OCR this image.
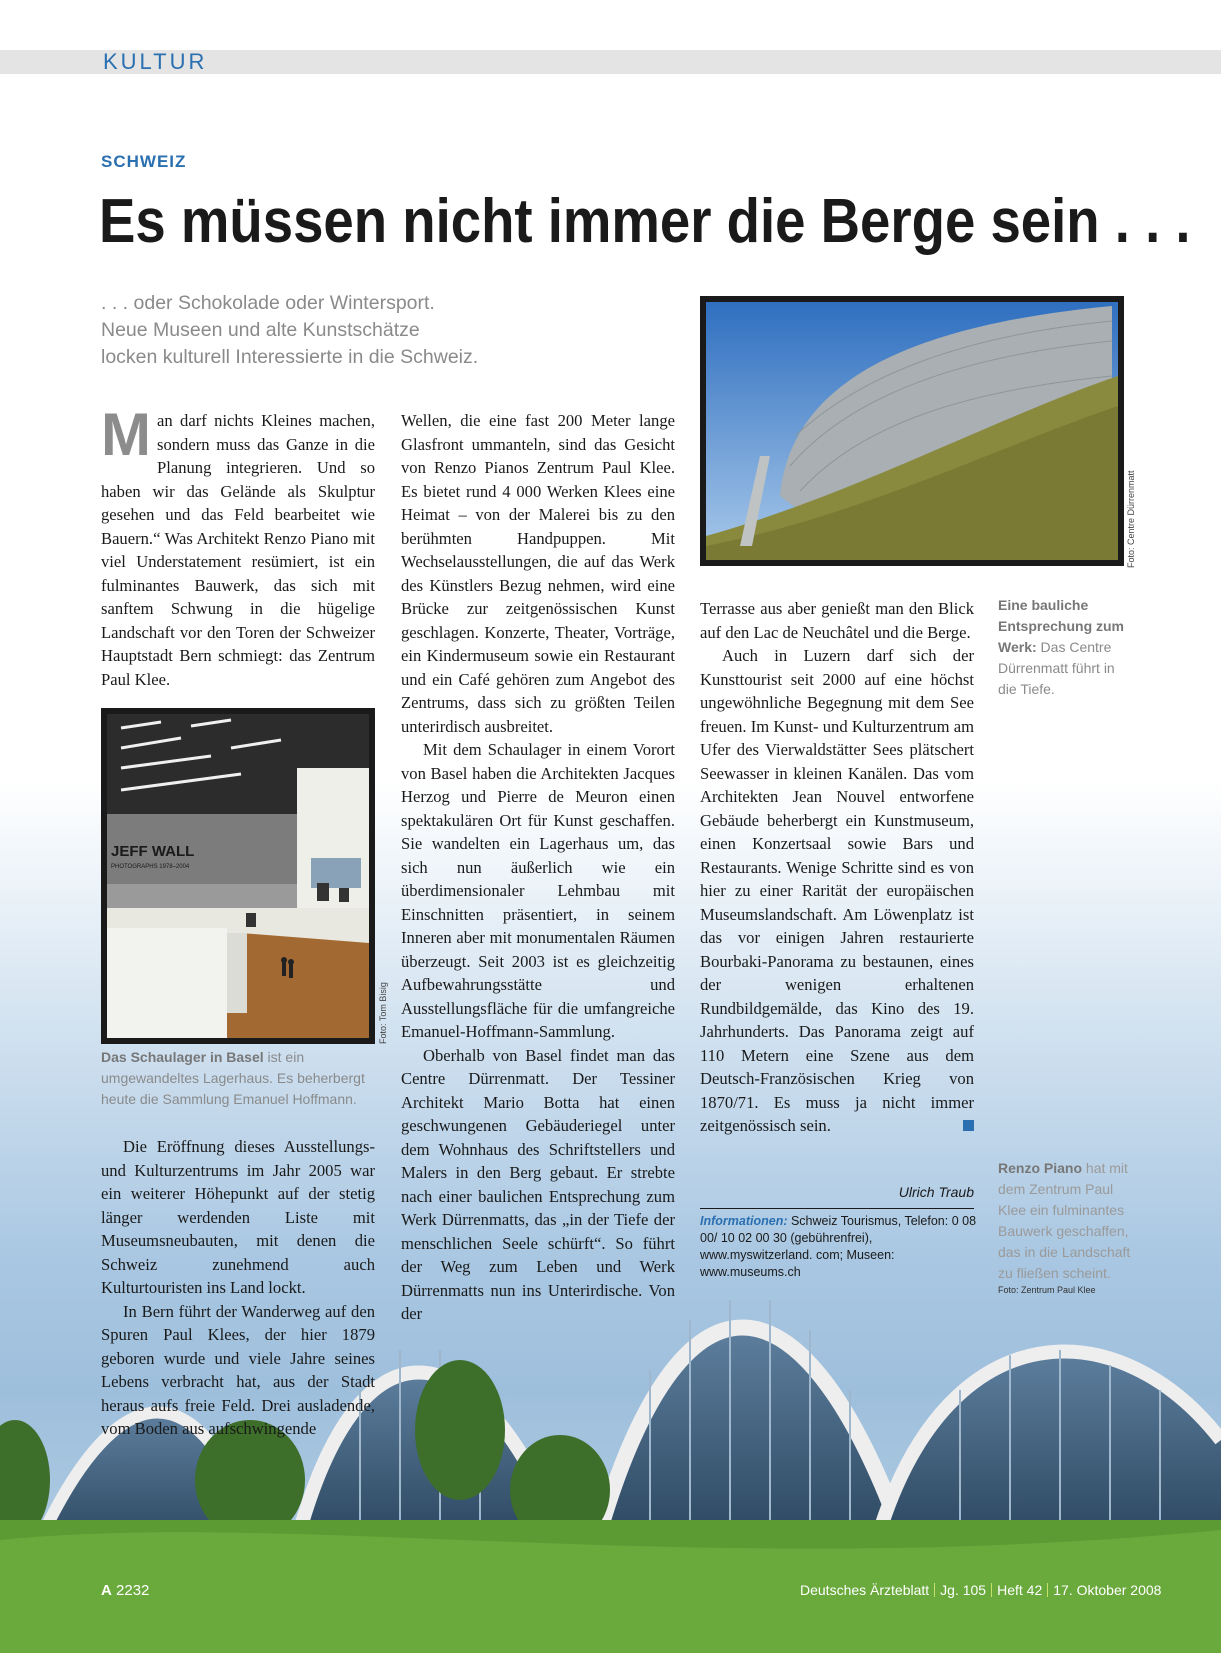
KULTUR
SCHWEIZ
Es müssen nicht immer die Berge sein . . .
. . . oder Schokolade oder Wintersport.
Neue Museen und alte Kunstschätze
locken kulturell Interessierte in die Schweiz.

Man darf nichts Kleines machen, sondern muss das Ganze in die Planung integrieren. Und so haben wir das Gelände als Skulptur gesehen und das Feld bearbeitet wie Bauern.“ Was Architekt Renzo Piano mit viel Understatement resümiert, ist ein fulminantes Bauwerk, das sich mit sanftem Schwung in die hügelige Landschaft vor den Toren der Schweizer Hauptstadt Bern schmiegt: das Zentrum Paul Klee.

JEFF WALL
PHOTOGRAPHS 1978–2004
Foto: Tom Bisig
Das Schaulager in Basel ist ein umgewandeltes Lagerhaus. Es beherbergt heute die Sammlung Emanuel Hoffmann.

Die Eröffnung dieses Ausstellungs- und Kulturzentrums im Jahr 2005 war ein weiterer Höhepunkt auf der stetig länger werdenden Liste mit Museumsneubauten, mit denen die Schweiz zunehmend auch Kulturtouristen ins Land lockt.

In Bern führt der Wanderweg auf den Spuren Paul Klees, der hier 1879 geboren wurde und viele Jahre seines Lebens verbracht hat, aus der Stadt heraus aufs freie Feld. Drei ausladende, vom Boden aus aufschwingende

Wellen, die eine fast 200 Meter lange Glasfront ummanteln, sind das Gesicht von Renzo Pianos Zentrum Paul Klee. Es bietet rund 4 000 Werken Klees eine Heimat – von der Malerei bis zu den berühmten Handpuppen. Mit Wechselausstellungen, die auf das Werk des Künstlers Bezug nehmen, wird eine Brücke zur zeitgenössischen Kunst geschlagen. Konzerte, Theater, Vorträge, ein Kindermuseum sowie ein Restaurant und ein Café gehören zum Angebot des Zentrums, dass sich zu größten Teilen unterirdisch ausbreitet.

Mit dem Schaulager in einem Vorort von Basel haben die Architekten Jacques Herzog und Pierre de Meuron einen spektakulären Ort für Kunst geschaffen. Sie wandelten ein Lagerhaus um, das sich nun äußerlich wie ein überdimensionaler Lehmbau mit Einschnitten präsentiert, in seinem Inneren aber mit monumentalen Räumen überzeugt. Seit 2003 ist es gleichzeitig Aufbewahrungsstätte und Ausstellungsfläche für die umfangreiche Emanuel-Hoffmann-Sammlung.

Oberhalb von Basel findet man das Centre Dürrenmatt. Der Tessiner Architekt Mario Botta hat einen geschwungenen Gebäuderiegel unter dem Wohnhaus des Schriftstellers und Malers in den Berg gebaut. Er strebte nach einer baulichen Entsprechung zum Werk Dürrenmatts, das „in der Tiefe der menschlichen Seele schürft“. So führt der Weg zum Leben und Werk Dürrenmatts nun ins Unterirdische. Von der

Foto: Centre Dürrenmatt
Eine bauliche Entsprechung zum Werk: Das Centre Dürrenmatt führt in die Tiefe.

Terrasse aus aber genießt man den Blick auf den Lac de Neuchâtel und die Berge.

Auch in Luzern darf sich der Kunsttourist seit 2000 auf eine höchst ungewöhnliche Begegnung mit dem See freuen. Im Kunst- und Kulturzentrum am Ufer des Vierwaldstätter Sees plätschert Seewasser in kleinen Kanälen. Das vom Architekten Jean Nouvel entworfene Gebäude beherbergt ein Kunstmuseum, einen Konzertsaal sowie Bars und Restaurants. Wenige Schritte sind es von hier zu einer Rarität der europäischen Museumslandschaft. Am Löwenplatz ist das vor einigen Jahren restaurierte Bourbaki-Panorama zu bestaunen, eines der wenigen erhaltenen Rundbildgemälde, das Kino des 19. Jahrhunderts. Das Panorama zeigt auf 110 Metern eine Szene aus dem Deutsch-Französischen Krieg von 1870/71. Es muss ja nicht immer zeitgenössisch sein.

Ulrich Traub
Informationen: Schweiz Tourismus, Telefon: 0 08 00/ 10 02 00 30 (gebührenfrei), www.myswitzerland. com; Museen: www.museums.ch
Renzo Piano hat mit dem Zentrum Paul Klee ein fulminantes Bauwerk geschaffen, das in die Landschaft zu fließen scheint.
Foto: Zentrum Paul Klee
A 2232	Deutsches Ärzteblatt Jg. 105 Heft 42 17. Oktober 2008
